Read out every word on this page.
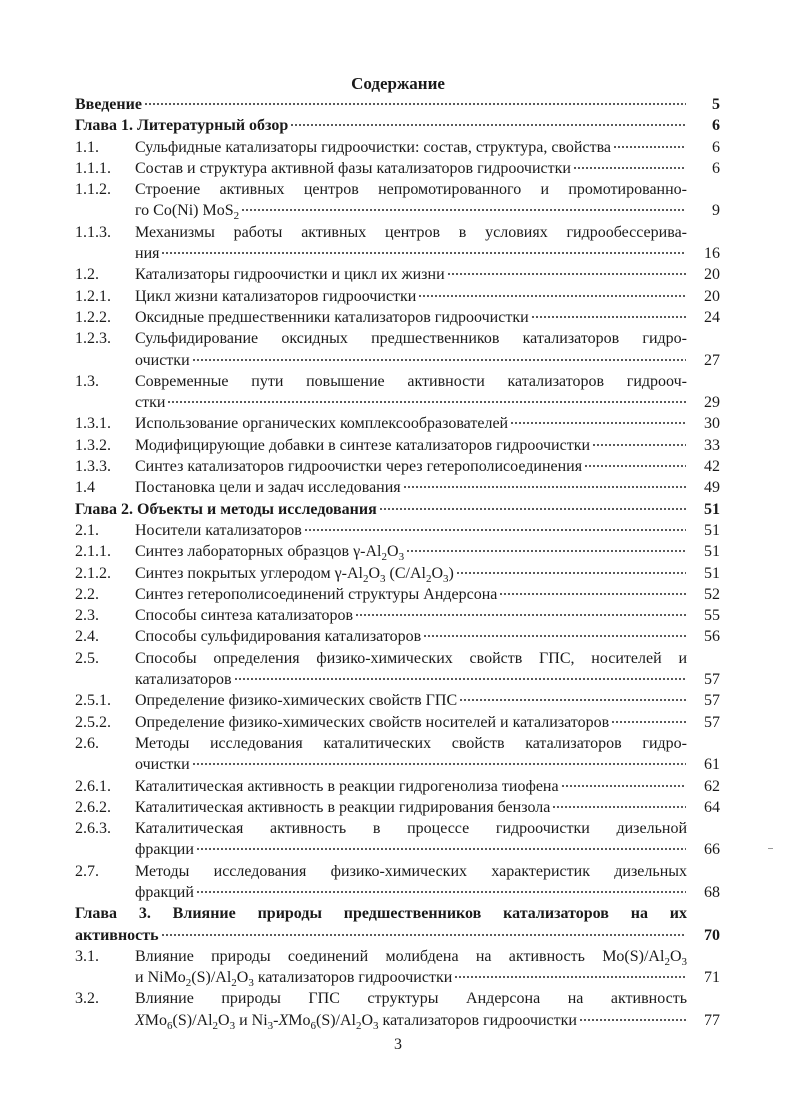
Содержание
Введение	5
Глава 1. Литературный обзор	6
1.1. Сульфидные катализаторы гидроочистки: состав, структура, свойства	6
1.1.1. Состав и структура активной фазы катализаторов гидроочистки	6
1.1.2. Строение активных центров непромотированного и промотированно-
го Co(Ni) MoS$_2$	9
1.1.3. Механизмы работы активных центров в условиях гидрообессерива-
ния	16
1.2. Катализаторы гидроочистки и цикл их жизни	20
1.2.1. Цикл жизни катализаторов гидроочистки	20
1.2.2. Оксидные предшественники катализаторов гидроочистки	24
1.2.3. Сульфидирование оксидных предшественников катализаторов гидро-
очистки	27
1.3. Современные пути повышение активности катализаторов гидрооч-
стки	29
1.3.1. Использование органических комплексообразователей	30
1.3.2. Модифицирующие добавки в синтезе катализаторов гидроочистки	33
1.3.3. Синтез катализаторов гидроочистки через гетерополисоединения	42
1.4	Постановка цели и задач исследования	49
Глава 2. Объекты и методы исследования	51
2.1. Носители катализаторов	51
2.1.1. Синтез лабораторных образцов $\gamma-Al_2O_3$	51
2.1.2. Синтез покрытых углеродом $\gamma-Al_2O_3$ $(C/Al_2O_3)$	51
2.2. Синтез гетерополисоединений структуры Андерсона	52
2.3. Способы синтеза катализаторов	55
2.4. Способы сульфидирования катализаторов	56
2.5. Способы определения физико-химических свойств ГПС, носителей и
катализаторов	57
2.5.1. Определение физико-химических свойств ГПС	57
2.5.2. Определение физико-химических свойств носителей и катализаторов	57
2.6. Методы исследования каталитических свойств катализаторов гидро-
очистки	61
2.6.1. Каталитическая активность в реакции гидрогенолиза тиофена	62
2.6.2. Каталитическая активность в реакции гидрирования бензола	64
2.6.3. Каталитическая активность в процессе гидроочистки дизельной
фракции	66
2.7. Методы исследования физико-химических характеристик дизельных
фракций	68
Глава 3. Влияние природы предшественников катализаторов на их
активность	70
3.1. Влияние природы соединений молибдена на активность $Mo(S)/Al_2O_3$
и $NiMo_2(S)/Al_2O_3$ катализаторов гидроочистки	71
3.2. Влияние природы ГПС структуры Андерсона на активность
$XMo_6(S)/Al_2O_3$ и $Ni_3-XMo_6(S)/Al_2O_3$ катализаторов гидроочистки	77
3
